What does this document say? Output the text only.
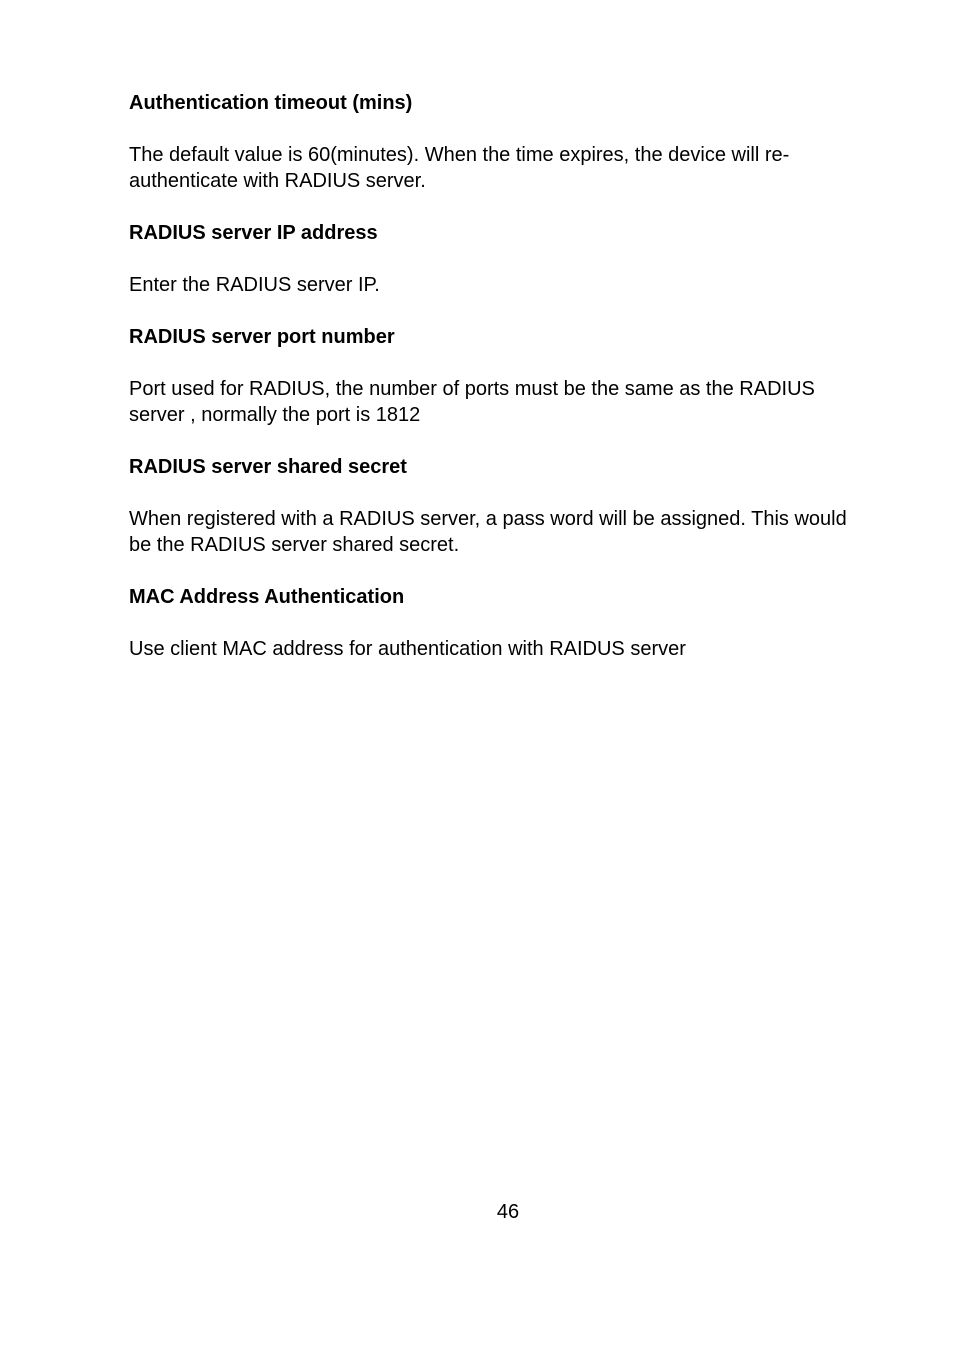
Authentication timeout (mins)
The default value is 60(minutes). When the time expires, the device will re-authenticate with RADIUS server.
RADIUS server IP address
Enter the RADIUS server IP.
RADIUS server port number
Port used for RADIUS, the number of ports must be the same as the RADIUS server , normally the port is 1812
RADIUS server shared secret
When registered with a RADIUS server, a pass word will be assigned. This would be the RADIUS server shared secret.
MAC Address Authentication
Use client MAC address for authentication with RAIDUS server
46
